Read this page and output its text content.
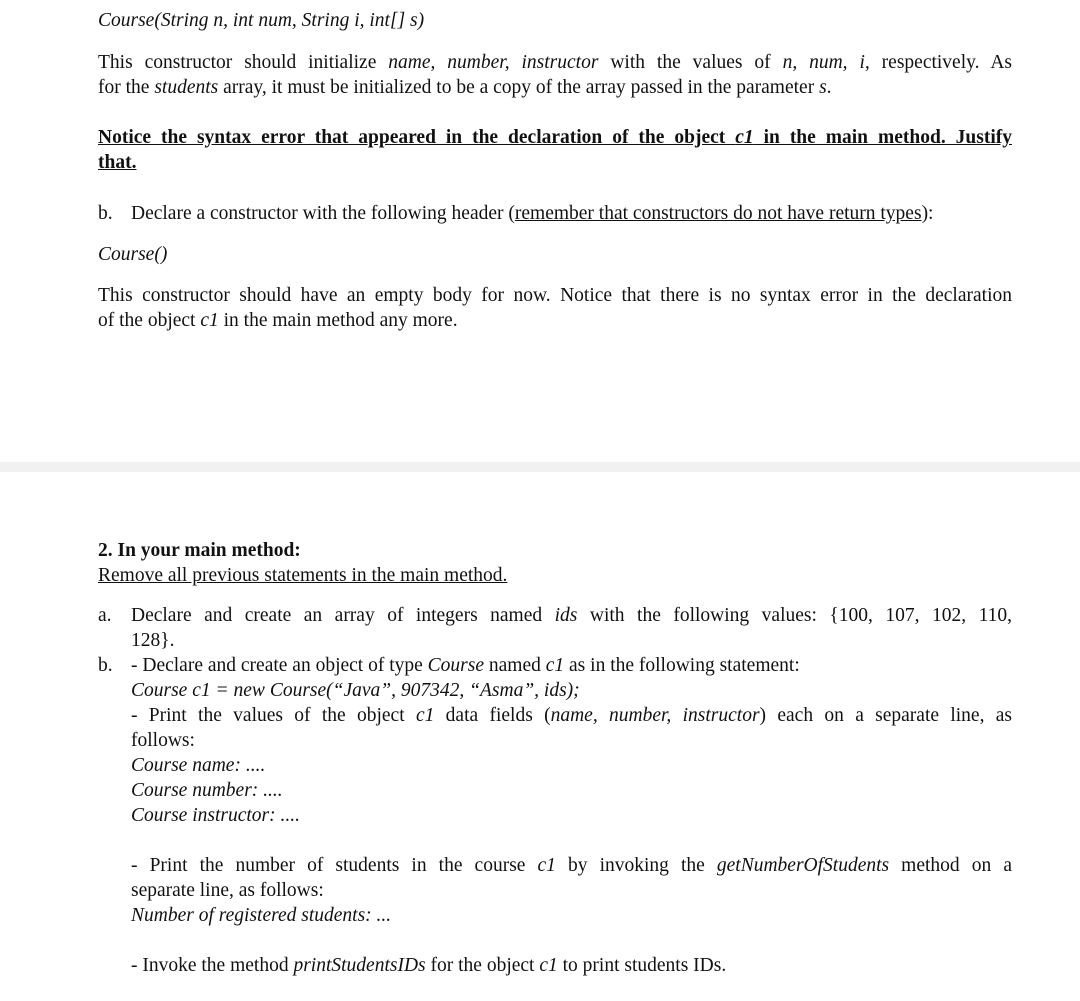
Course(String n, int num, String i, int[] s)
This constructor should initialize name, number, instructor with the values of n, num, i, respectively. As
for the students array, it must be initialized to be a copy of the array passed in the parameter s.
Notice the syntax error that appeared in the declaration of the object c1 in the main method. Justify
that.
b. Declare a constructor with the following header (remember that constructors do not have return types):
Course()
This constructor should have an empty body for now. Notice that there is no syntax error in the declaration
of the object c1 in the main method any more.
2. In your main method:
Remove all previous statements in the main method.
a. Declare and create an array of integers named ids with the following values: {100, 107, 102, 110,
128}.
b. - Declare and create an object of type Course named c1 as in the following statement:
Course c1 = new Course(“Java”, 907342, “Asma”, ids);
- Print the values of the object c1 data fields (name, number, instructor) each on a separate line, as
follows:
Course name: ....
Course number: ....
Course instructor: ....
- Print the number of students in the course c1 by invoking the getNumberOfStudents method on a
separate line, as follows:
Number of registered students: ...
- Invoke the method printStudentsIDs for the object c1 to print students IDs.
